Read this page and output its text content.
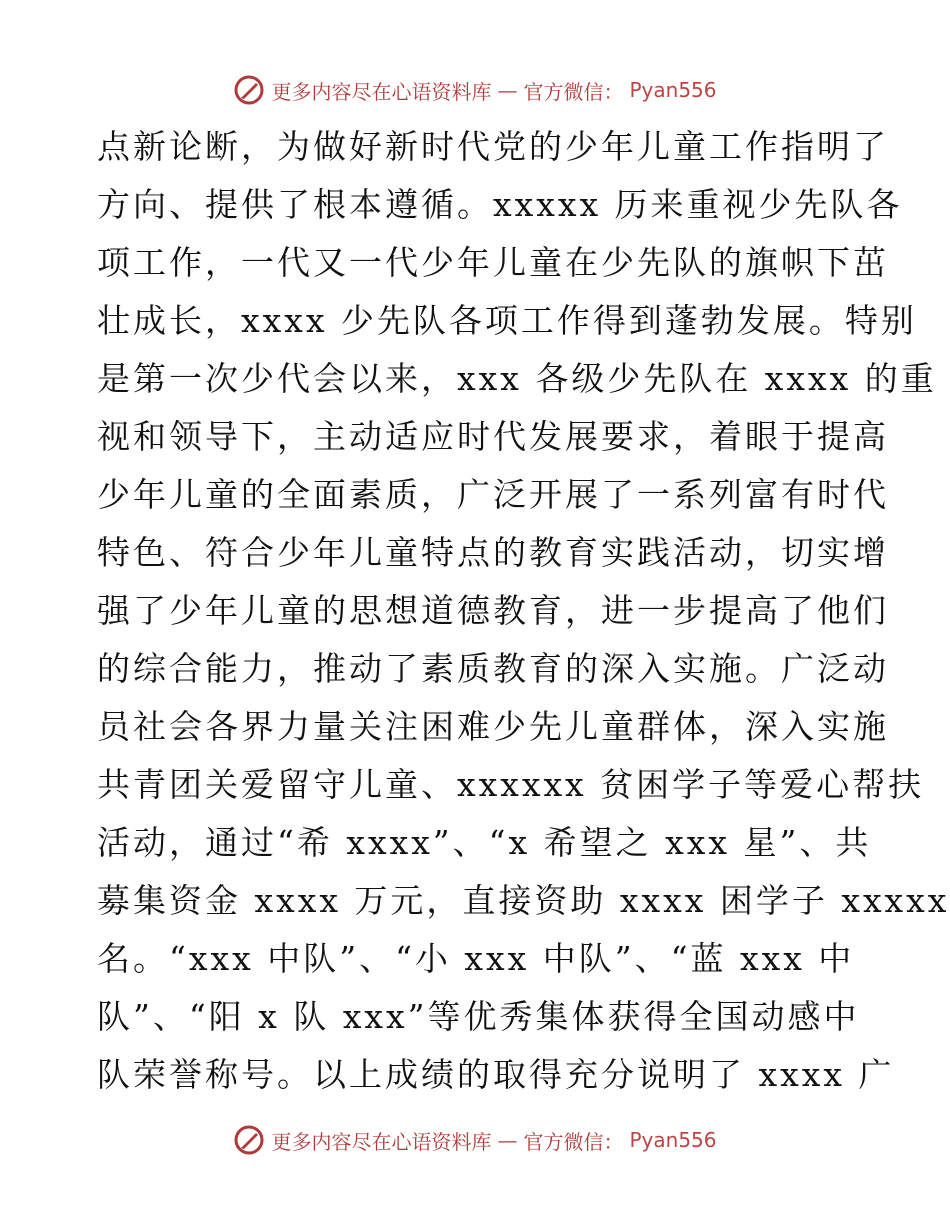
更多内容尽在心语资料库 — 官方微信： Pyan556
点新论断，为做好新时代党的少年儿童工作指明了
方向、提供了根本遵循。xxxxx 历来重视少先队各
项工作，一代又一代少年儿童在少先队的旗帜下茁
壮成长，xxxx 少先队各项工作得到蓬勃发展。特别
是第一次少代会以来，xxx 各级少先队在 xxxx 的重
视和领导下，主动适应时代发展要求，着眼于提高
少年儿童的全面素质，广泛开展了一系列富有时代
特色、符合少年儿童特点的教育实践活动，切实增
强了少年儿童的思想道德教育，进一步提高了他们
的综合能力，推动了素质教育的深入实施。广泛动
员社会各界力量关注困难少先儿童群体，深入实施
共青团关爱留守儿童、xxxxxx 贫困学子等爱心帮扶
活动，通过“希 xxxx”、“x 希望之 xxx 星”、共
募集资金 xxxx 万元，直接资助 xxxx 困学子 xxxxx
名。“xxx 中队”、“小 xxx 中队”、“蓝 xxx 中
队”、“阳 x 队 xxx”等优秀集体获得全国动感中
队荣誉称号。以上成绩的取得充分说明了 xxxx 广
更多内容尽在心语资料库 — 官方微信： Pyan556
